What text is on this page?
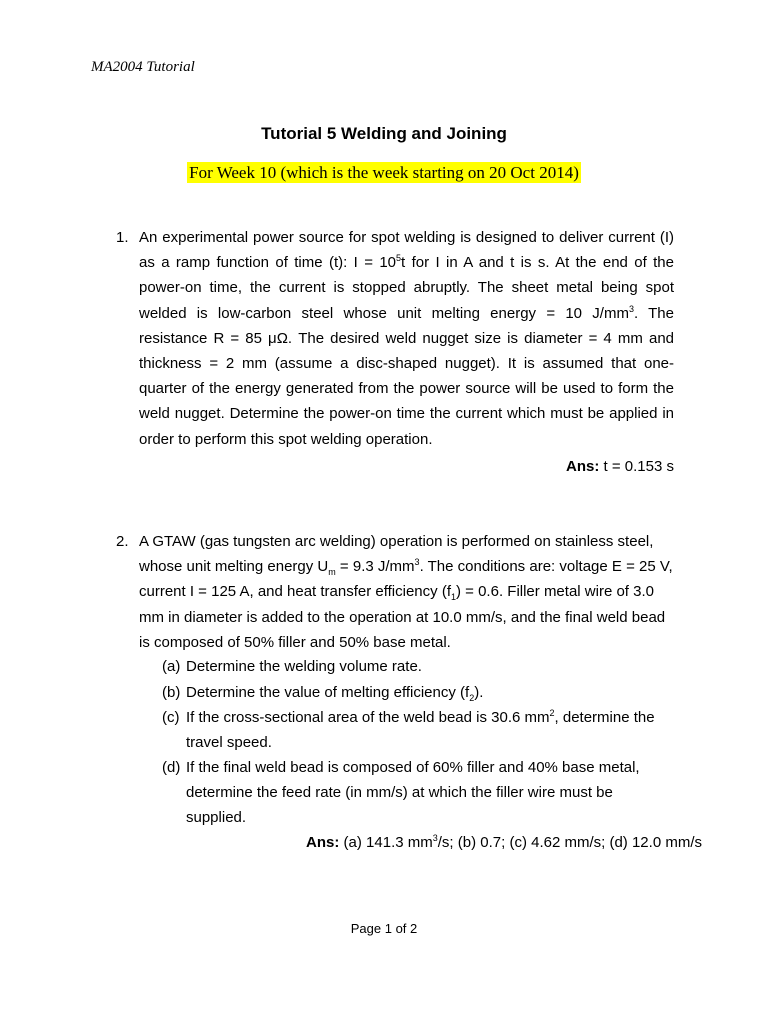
MA2004 Tutorial
Tutorial 5 Welding and Joining
For Week 10 (which is the week starting on 20 Oct 2014)
1. An experimental power source for spot welding is designed to deliver current (I) as a ramp function of time (t): $I = 10^5t$ for I in A and t is s. At the end of the power-on time, the current is stopped abruptly. The sheet metal being spot welded is low-carbon steel whose unit melting energy = 10 $J/mm^3$. The resistance R = 85 μΩ. The desired weld nugget size is diameter = 4 mm and thickness = 2 mm (assume a disc-shaped nugget). It is assumed that one-quarter of the energy generated from the power source will be used to form the weld nugget. Determine the power-on time the current which must be applied in order to perform this spot welding operation.

Ans: t = 0.153 s
2. A GTAW (gas tungsten arc welding) operation is performed on stainless steel, whose unit melting energy $U_m = 9.3$ $J/mm^3$. The conditions are: voltage E = 25 V, current I = 125 A, and heat transfer efficiency $(f_1) = 0.6$. Filler metal wire of 3.0 mm in diameter is added to the operation at 10.0 mm/s, and the final weld bead is composed of 50% filler and 50% base metal.

(a) Determine the welding volume rate.
(b) Determine the value of melting efficiency $(f_2)$.
(c) If the cross-sectional area of the weld bead is 30.6 $mm^2$, determine the
travel speed.
(d) If the final weld bead is composed of 60% filler and 40% base metal,
determine the feed rate (in mm/s) at which the filler wire must be
supplied.
Ans: (a) 141.3 $mm^3/s$; (b) 0.7; (c) 4.62 mm/s; (d) 12.0 mm/s
Page 1 of 2
